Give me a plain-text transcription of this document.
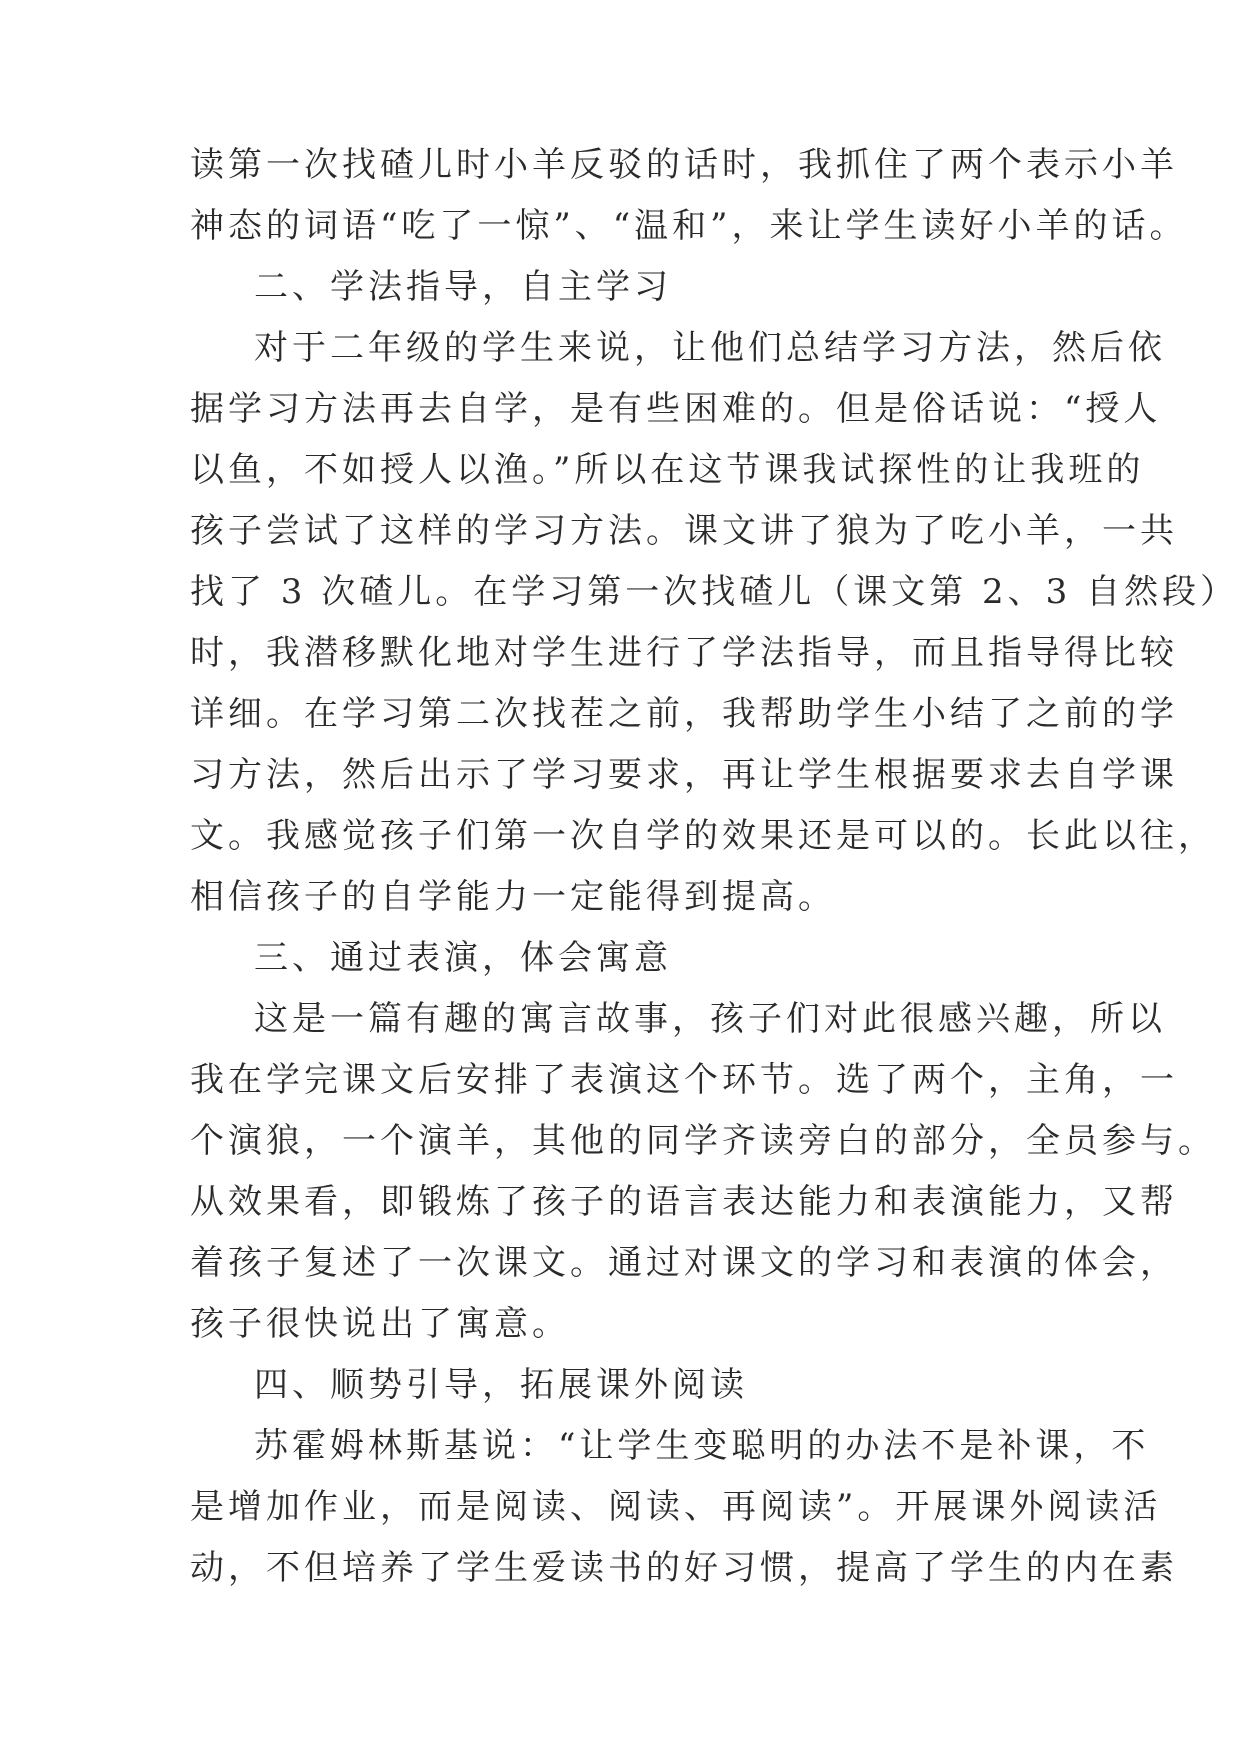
读第一次找碴儿时小羊反驳的话时，我抓住了两个表示小羊
神态的词语“吃了一惊”、“温和”，来让学生读好小羊的话。
二、学法指导，自主学习
对于二年级的学生来说，让他们总结学习方法，然后依
据学习方法再去自学，是有些困难的。但是俗话说：“授人
以鱼，不如授人以渔。”所以在这节课我试探性的让我班的
孩子尝试了这样的学习方法。课文讲了狼为了吃小羊，一共
找了 3 次碴儿。在学习第一次找碴儿（课文第 2、3 自然段）
时，我潜移默化地对学生进行了学法指导，而且指导得比较
详细。在学习第二次找茬之前，我帮助学生小结了之前的学
习方法，然后出示了学习要求，再让学生根据要求去自学课
文。我感觉孩子们第一次自学的效果还是可以的。长此以往，
相信孩子的自学能力一定能得到提高。
三、通过表演，体会寓意
这是一篇有趣的寓言故事，孩子们对此很感兴趣，所以
我在学完课文后安排了表演这个环节。选了两个，主角，一
个演狼，一个演羊，其他的同学齐读旁白的部分，全员参与。
从效果看，即锻炼了孩子的语言表达能力和表演能力，又帮
着孩子复述了一次课文。通过对课文的学习和表演的体会，
孩子很快说出了寓意。
四、顺势引导，拓展课外阅读
苏霍姆林斯基说：“让学生变聪明的办法不是补课，不
是增加作业，而是阅读、阅读、再阅读”。开展课外阅读活
动，不但培养了学生爱读书的好习惯，提高了学生的内在素
